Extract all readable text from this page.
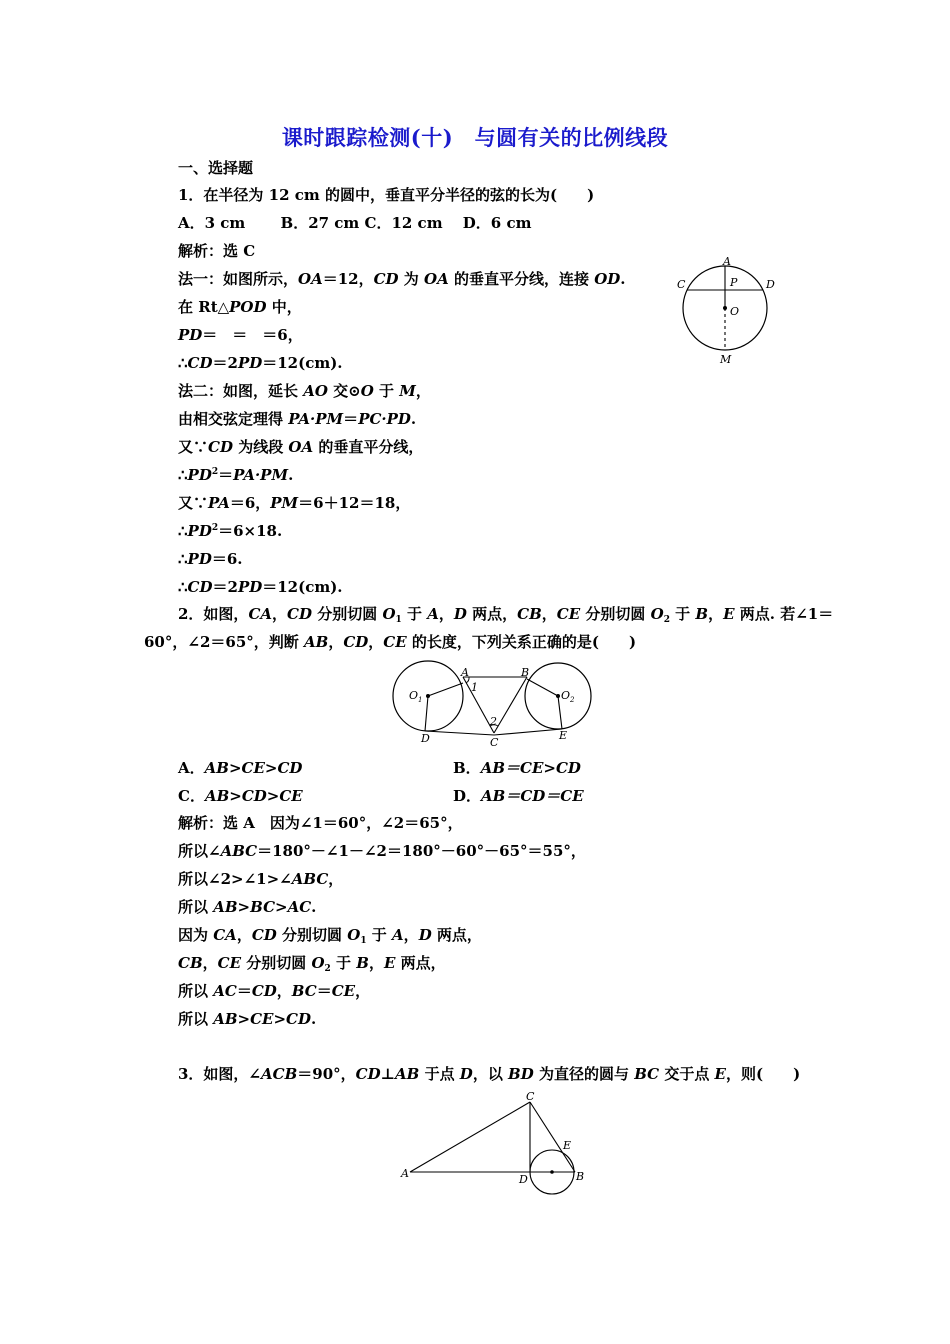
课时跟踪检测(十)　与圆有关的比例线段
一、选择题
1．在半径为 12 cm 的圆中，垂直平分半径的弦的长为(　　)
A．3 cm　　 B．27 cm C．12 cm　 D．6 cm
解析：选 C
法一：如图所示，OA＝12，CD 为 OA 的垂直平分线，连接 OD.
在 Rt△POD 中，
PD＝　＝　＝6，
∴CD＝2PD＝12(cm).
法二：如图，延长 AO 交⊙O 于 M，
由相交弦定理得 PA·PM＝PC·PD.
又∵CD 为线段 OA 的垂直平分线，
$\therefore PD^2=PA\cdot PM$.
又∵PA＝6，PM＝6＋12＝18，
$\therefore PD^2=6\times 18$.
∴PD＝6.
∴CD＝2PD＝12(cm).
A
C	P	D
O
M
2．如图，CA，CD 分别切圆 $O_1$ 于 A，D 两点，CB，CE 分别切圆 $O_2$ 于 B，E 两点. 若∠1＝
60°，∠2＝65°，判断 AB，CD，CE 的长度，下列关系正确的是(　　)
$O_1$	$O_2$
A	B
1
2
C
D	E
A．AB>CE>CD	B．AB＝CE>CD
C．AB>CD>CE	D．AB＝CD＝CE
解析：选 A　因为∠1＝60°，∠2＝65°，
所以∠ABC＝180°－∠1－∠2＝180°－60°－65°＝55°，
所以∠2>∠1>∠ABC，
所以 AB>BC>AC.
因为 CA，CD 分别切圆 $O_1$ 于 A，D 两点，
CB，CE 分别切圆 $O_2$ 于 B，E 两点，
所以 AC＝CD，BC＝CE，
所以 AB>CE>CD.
3．如图，∠ACB＝90°，CD⊥AB 于点 D，以 BD 为直径的圆与 BC 交于点 E，则(　　)
C
E
A	D	B
